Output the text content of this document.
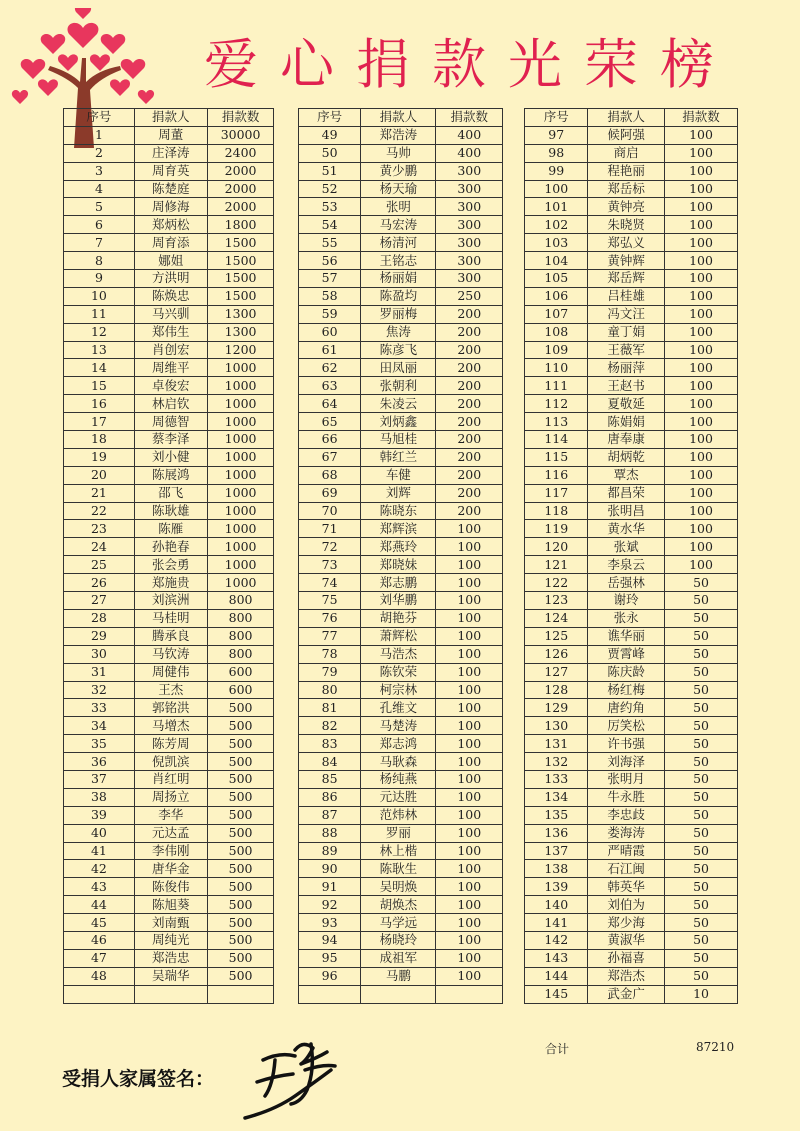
爱心捐款光荣榜
序号	捐款人	捐款数		序号	捐款人	捐款数		序号	捐款人	捐款数
1	周董	30000		49	郑浩涛	400		97	候阿强	100
2	庄泽涛	2400		50	马帅	400		98	商启	100
3	周育英	2000		51	黄少鹏	300		99	程艳丽	100
4	陈楚庭	2000		52	杨天瑜	300		100	郑岳标	100
5	周修海	2000		53	张明	300		101	黄钟亮	100
6	郑炳松	1800		54	马宏涛	300		102	朱晓贤	100
7	周育添	1500		55	杨清河	300		103	郑弘义	100
8	娜姐	1500		56	王铭志	300		104	黄钟辉	100
9	方洪明	1500		57	杨丽娟	300		105	郑岳辉	100
10	陈焕忠	1500		58	陈盈均	250		106	吕桂雄	100
11	马兴驯	1300		59	罗丽梅	200		107	冯文汪	100
12	郑伟生	1300		60	焦涛	200		108	童丁娟	100
13	肖创宏	1200		61	陈彦飞	200		109	王薇军	100
14	周维平	1000		62	田凤丽	200		110	杨丽萍	100
15	卓俊宏	1000		63	张朝利	200		111	王赵书	100
16	林启钦	1000		64	朱凌云	200		112	夏敬延	100
17	周德智	1000		65	刘炳鑫	200		113	陈娟娟	100
18	蔡李泽	1000		66	马旭桂	200		114	唐奉康	100
19	刘小健	1000		67	韩红兰	200		115	胡炳乾	100
20	陈展鸿	1000		68	车健	200		116	覃杰	100
21	邵飞	1000		69	刘辉	200		117	都昌荣	100
22	陈耿雄	1000		70	陈晓东	200		118	张明昌	100
23	陈雁	1000		71	郑辉滨	100		119	黄水华	100
24	孙艳春	1000		72	郑燕玲	100		120	张斌	100
25	张会勇	1000		73	郑晓妹	100		121	李泉云	100
26	郑施贵	1000		74	郑志鹏	100		122	岳强林	50
27	刘滨洲	800		75	刘华鹏	100		123	谢玲	50
28	马桂明	800		76	胡艳芬	100		124	张永	50
29	腾承良	800		77	萧辉松	100		125	谯华丽	50
30	马钦涛	800		78	马浩杰	100		126	贾霄峰	50
31	周健伟	600		79	陈钦荣	100		127	陈庆龄	50
32	王杰	600		80	柯宗林	100		128	杨红梅	50
33	郭铭洪	500		81	孔维文	100		129	唐约角	50
34	马增杰	500		82	马楚涛	100		130	厉笑松	50
35	陈芳周	500		83	郑志鸿	100		131	许书强	50
36	倪凯滨	500		84	马耿森	100		132	刘海泽	50
37	肖红明	500		85	杨纯燕	100		133	张明月	50
38	周扬立	500		86	元达胜	100		134	牛永胜	50
39	李华	500		87	范炜林	100		135	李忠歧	50
40	元达孟	500		88	罗丽	100		136	娄海涛	50
41	李伟刚	500		89	林上楷	100		137	严晴霞	50
42	唐华金	500		90	陈耿生	100		138	石江闽	50
43	陈俊伟	500		91	吴明焕	100		139	韩英华	50
44	陈旭葵	500		92	胡焕杰	100		140	刘伯为	50
45	刘南甄	500		93	马学远	100		141	郑少海	50
46	周纯光	500		94	杨晓玲	100		142	黄淑华	50
47	郑浩忠	500		95	成祖军	100		143	孙福喜	50
48	吴瑞华	500		96	马鹏	100		144	郑浩杰	50
								145	武金广	10
合计	87210
受捐人家属签名：
